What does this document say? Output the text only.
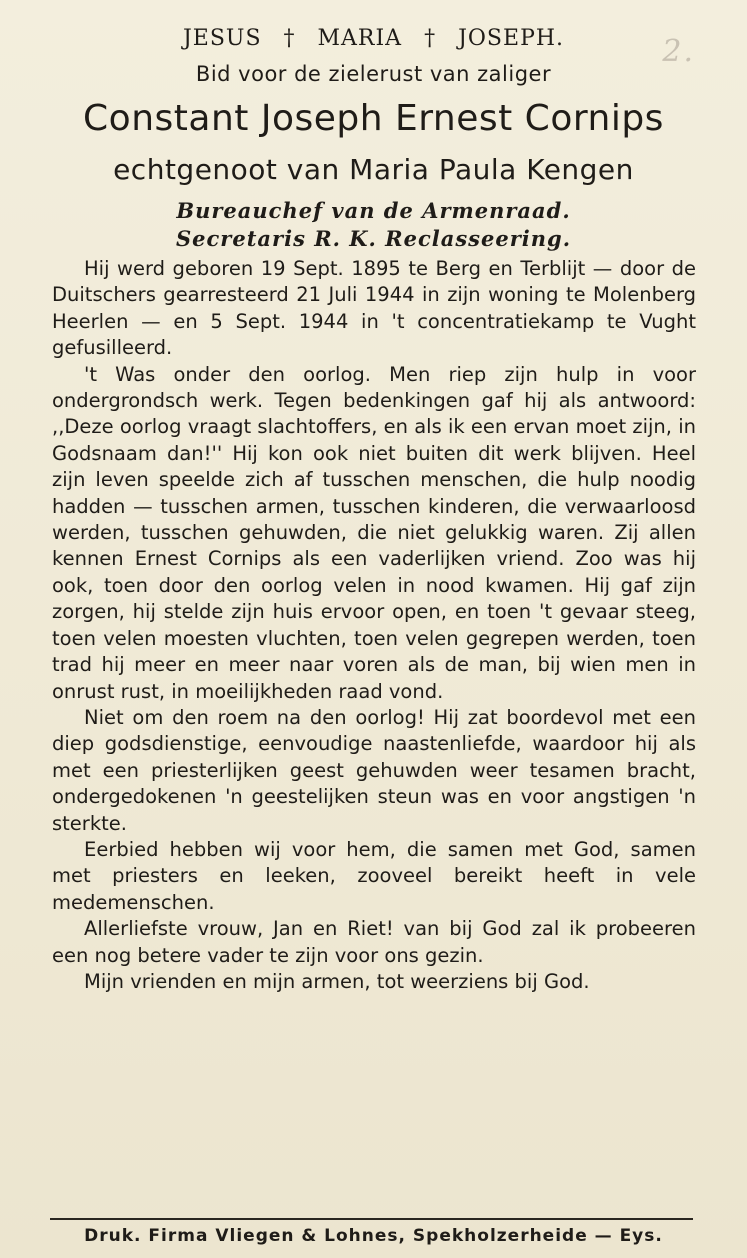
2.
JESUS † MARIA † JOSEPH.
Bid voor de zielerust van zaliger
Constant Joseph Ernest Cornips
echtgenoot van Maria Paula Kengen
Bureauchef van de Armenraad.
Secretaris R. K. Reclasseering.

Hij werd geboren 19 Sept. 1895 te Berg en Terblijt — door de Duitschers gearresteerd 21 Juli 1944 in zijn woning te Molenberg Heerlen — en 5 Sept. 1944 in 't concentratiekamp te Vught gefusilleerd.

't Was onder den oorlog. Men riep zijn hulp in voor ondergrondsch werk. Tegen bedenkingen gaf hij als antwoord: ,,Deze oorlog vraagt slachtoffers, en als ik een ervan moet zijn, in Godsnaam dan!'' Hij kon ook niet buiten dit werk blijven. Heel zijn leven speelde zich af tusschen menschen, die hulp noodig hadden — tusschen armen, tusschen kinderen, die verwaarloosd werden, tusschen gehuwden, die niet gelukkig waren. Zij allen kennen Ernest Cornips als een vaderlijken vriend. Zoo was hij ook, toen door den oorlog velen in nood kwamen. Hij gaf zijn zorgen, hij stelde zijn huis ervoor open, en toen 't gevaar steeg, toen velen moesten vluchten, toen velen gegrepen werden, toen trad hij meer en meer naar voren als de man, bij wien men in onrust rust, in moeilijkheden raad vond.

Niet om den roem na den oorlog! Hij zat boordevol met een diep godsdienstige, eenvoudige naastenliefde, waardoor hij als met een priesterlijken geest gehuwden weer tesamen bracht, ondergedokenen 'n geestelijken steun was en voor angstigen 'n sterkte.

Eerbied hebben wij voor hem, die samen met God, samen met priesters en leeken, zooveel bereikt heeft in vele medemenschen.

Allerliefste vrouw, Jan en Riet! van bij God zal ik probeeren een nog betere vader te zijn voor ons gezin.

Mijn vrienden en mijn armen, tot weerziens bij God.

Druk. Firma Vliegen & Lohnes, Spekholzerheide — Eys.
